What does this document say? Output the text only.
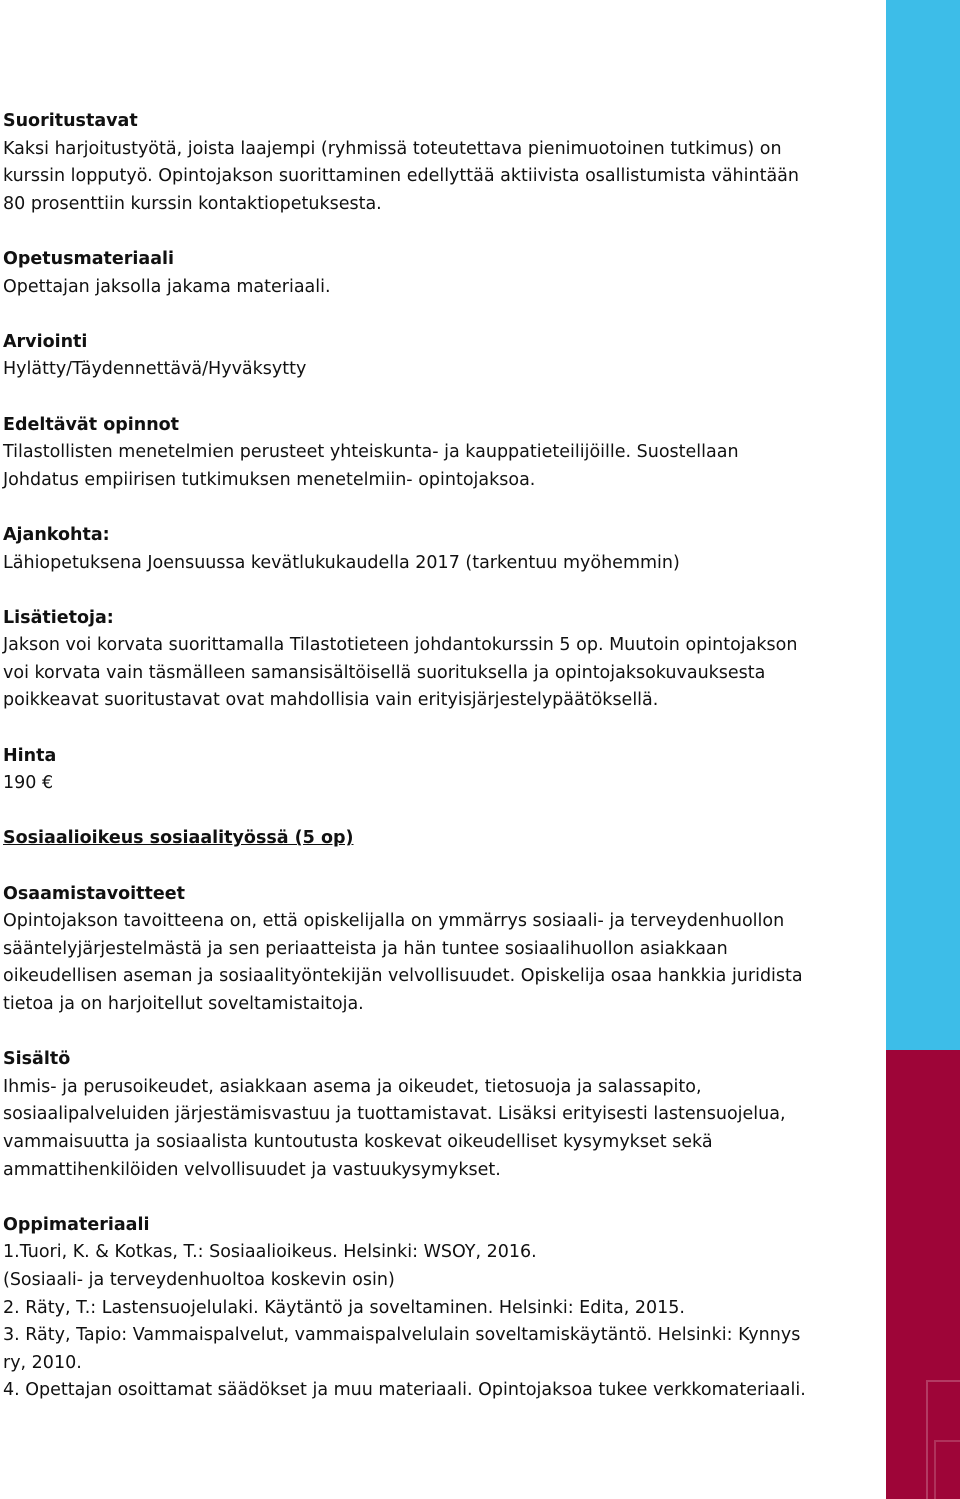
Suoritustavat
Kaksi harjoitustyötä, joista laajempi (ryhmissä toteutettava pienimuotoinen tutkimus) on
kurssin lopputyö. Opintojakson suorittaminen edellyttää aktiivista osallistumista vähintään
80 prosenttiin kurssin kontaktiopetuksesta.
Opetusmateriaali
Opettajan jaksolla jakama materiaali.
Arviointi
Hylätty/Täydennettävä/Hyväksytty
Edeltävät opinnot
Tilastollisten menetelmien perusteet yhteiskunta- ja kauppatieteilijöille. Suostellaan
Johdatus empiirisen tutkimuksen menetelmiin- opintojaksoa.
Ajankohta:
Lähiopetuksena Joensuussa kevätlukukaudella 2017 (tarkentuu myöhemmin)
Lisätietoja:
Jakson voi korvata suorittamalla Tilastotieteen johdantokurssin 5 op. Muutoin opintojakson
voi korvata vain täsmälleen samansisältöisellä suorituksella ja opintojaksokuvauksesta
poikkeavat suoritustavat ovat mahdollisia vain erityisjärjestelypäätöksellä.
Hinta
190 €
Sosiaalioikeus sosiaalityössä (5 op)
Osaamistavoitteet
Opintojakson tavoitteena on, että opiskelijalla on ymmärrys sosiaali- ja terveydenhuollon
sääntelyjärjestelmästä ja sen periaatteista ja hän tuntee sosiaalihuollon asiakkaan
oikeudellisen aseman ja sosiaalityöntekijän velvollisuudet. Opiskelija osaa hankkia juridista
tietoa ja on harjoitellut soveltamistaitoja.
Sisältö
Ihmis- ja perusoikeudet, asiakkaan asema ja oikeudet, tietosuoja ja salassapito,
sosiaalipalveluiden järjestämisvastuu ja tuottamistavat. Lisäksi erityisesti lastensuojelua,
vammaisuutta ja sosiaalista kuntoutusta koskevat oikeudelliset kysymykset sekä
ammattihenkilöiden velvollisuudet ja vastuukysymykset.
Oppimateriaali
1.Tuori, K. & Kotkas, T.: Sosiaalioikeus. Helsinki: WSOY, 2016.
(Sosiaali- ja terveydenhuoltoa koskevin osin)
2. Räty, T.: Lastensuojelulaki. Käytäntö ja soveltaminen. Helsinki: Edita, 2015.
3. Räty, Tapio: Vammaispalvelut, vammaispalvelulain soveltamiskäytäntö. Helsinki: Kynnys
ry, 2010.
4. Opettajan osoittamat säädökset ja muu materiaali. Opintojaksoa tukee verkkomateriaali.
